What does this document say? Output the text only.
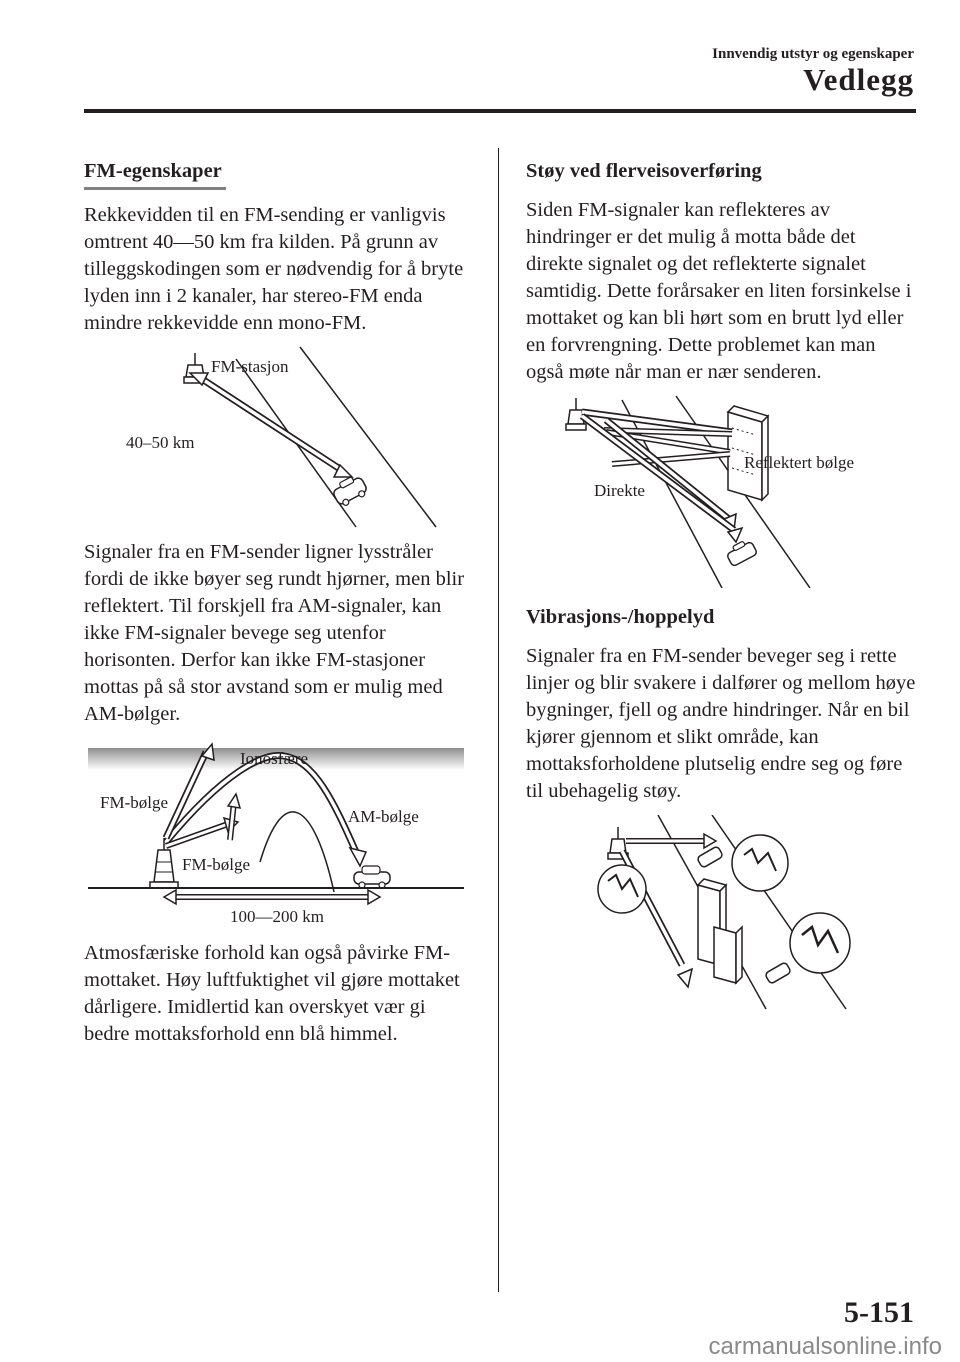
Innvendig utstyr og egenskaper
Vedlegg
FM-egenskaper
Rekkevidden til en FM-sending er vanligvis omtrent 40―50 km fra kilden. På grunn av tilleggskodingen som er nødvendig for å bryte lyden inn i 2 kanaler, har stereo-FM enda mindre rekkevidde enn mono-FM.
FM-stasjon
40–50 km
Signaler fra en FM-sender ligner lysstråler fordi de ikke bøyer seg rundt hjørner, men blir reflektert. Til forskjell fra AM-signaler, kan ikke FM-signaler bevege seg utenfor horisonten. Derfor kan ikke FM-stasjoner mottas på så stor avstand som er mulig med AM-bølger.
Ionosfære
FM-bølge
AM-bølge
FM-bølge
100―200 km
Atmosfæriske forhold kan også påvirke FM-mottaket. Høy luftfuktighet vil gjøre mottaket dårligere. Imidlertid kan overskyet vær gi bedre mottaksforhold enn blå himmel.
Støy ved flerveisoverføring
Siden FM-signaler kan reflekteres av hindringer er det mulig å motta både det direkte signalet og det reflekterte signalet samtidig. Dette forårsaker en liten forsinkelse i mottaket og kan bli hørt som en brutt lyd eller en forvrengning. Dette problemet kan man også møte når man er nær senderen.
Reflektert bølge
Direkte
Vibrasjons-/hoppelyd
Signaler fra en FM-sender beveger seg i rette linjer og blir svakere i dalfører og mellom høye bygninger, fjell og andre hindringer. Når en bil kjører gjennom et slikt område, kan mottaksforholdene plutselig endre seg og føre til ubehagelig støy.
5-151
carmanualsonline.info
